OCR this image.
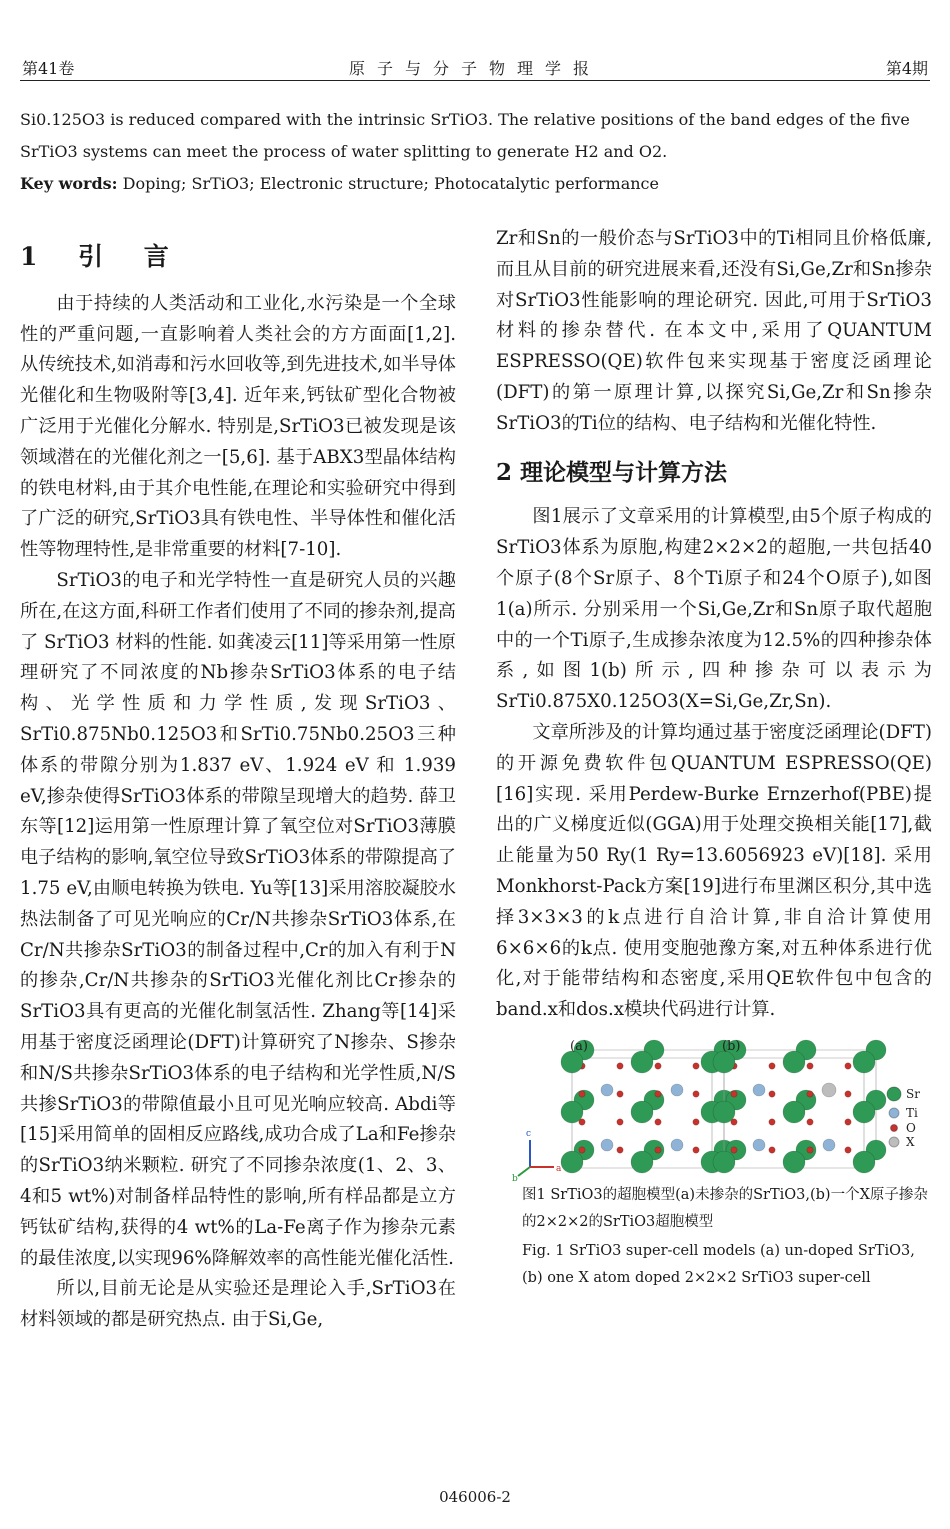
第41卷	原子与分子物理学报	第4期
Si0.125O3 is reduced compared with the intrinsic SrTiO3. The relative positions of the band edges of the five SrTiO3 systems can meet the process of water splitting to generate H2 and O2.
Key words: Doping; SrTiO3; Electronic structure; Photocatalytic performance
1 引 言

由于持续的人类活动和工业化,水污染是一个全球性的严重问题,一直影响着人类社会的方方面面[1,2]. 从传统技术,如消毒和污水回收等,到先进技术,如半导体光催化和生物吸附等[3,4]. 近年来,钙钛矿型化合物被广泛用于光催化分解水. 特别是,SrTiO3已被发现是该领域潜在的光催化剂之一[5,6]. 基于ABX3型晶体结构的铁电材料,由于其介电性能,在理论和实验研究中得到了广泛的研究,SrTiO3具有铁电性、半导体性和催化活性等物理特性,是非常重要的材料[7-10].

SrTiO3的电子和光学特性一直是研究人员的兴趣所在,在这方面,科研工作者们使用了不同的掺杂剂,提高了 SrTiO3 材料的性能. 如龚凌云[11]等采用第一性原理研究了不同浓度的Nb掺杂SrTiO3体系的电子结构、光学性质和力学性质,发现SrTiO3、SrTi0.875Nb0.125O3和SrTi0.75Nb0.25O3三种体系的带隙分别为1.837 eV、1.924 eV 和 1.939 eV,掺杂使得SrTiO3体系的带隙呈现增大的趋势. 薛卫东等[12]运用第一性原理计算了氧空位对SrTiO3薄膜电子结构的影响,氧空位导致SrTiO3体系的带隙提高了1.75 eV,由顺电转换为铁电. Yu等[13]采用溶胶凝胶水热法制备了可见光响应的Cr/N共掺杂SrTiO3体系,在Cr/N共掺杂SrTiO3的制备过程中,Cr的加入有利于N的掺杂,Cr/N共掺杂的SrTiO3光催化剂比Cr掺杂的SrTiO3具有更高的光催化制氢活性. Zhang等[14]采用基于密度泛函理论(DFT)计算研究了N掺杂、S掺杂和N/S共掺杂SrTiO3体系的电子结构和光学性质,N/S共掺SrTiO3的带隙值最小且可见光响应较高. Abdi等[15]采用简单的固相反应路线,成功合成了La和Fe掺杂的SrTiO3纳米颗粒. 研究了不同掺杂浓度(1、2、3、4和5 wt%)对制备样品特性的影响,所有样品都是立方钙钛矿结构,获得的4 wt%的La-Fe离子作为掺杂元素的最佳浓度,以实现96%降解效率的高性能光催化活性.

所以,目前无论是从实验还是理论入手,SrTiO3在材料领域的都是研究热点. 由于Si,Ge,

Zr和Sn的一般价态与SrTiO3中的Ti相同且价格低廉,而且从目前的研究进展来看,还没有Si,Ge,Zr和Sn掺杂对SrTiO3性能影响的理论研究. 因此,可用于SrTiO3材料的掺杂替代. 在本文中,采用了QUANTUM ESPRESSO(QE)软件包来实现基于密度泛函理论(DFT)的第一原理计算,以探究Si,Ge,Zr和Sn掺杂SrTiO3的Ti位的结构、电子结构和光催化特性.

2 理论模型与计算方法

图1展示了文章采用的计算模型,由5个原子构成的SrTiO3体系为原胞,构建2×2×2的超胞,一共包括40个原子(8个Sr原子、8个Ti原子和24个O原子),如图1(a)所示. 分别采用一个Si,Ge,Zr和Sn原子取代超胞中的一个Ti原子,生成掺杂浓度为12.5%的四种掺杂体系,如图1(b)所示,四种掺杂可以表示为SrTi0.875X0.125O3(X=Si,Ge,Zr,Sn).

文章所涉及的计算均通过基于密度泛函理论(DFT)的开源免费软件包QUANTUM ESPRESSO(QE)[16]实现. 采用Perdew-Burke Ernzerhof(PBE)提出的广义梯度近似(GGA)用于处理交换相关能[17],截止能量为50 Ry(1 Ry=13.6056923 eV)[18]. 采用Monkhorst-Pack方案[19]进行布里渊区积分,其中选择3×3×3的k点进行自洽计算,非自洽计算使用6×6×6的k点. 使用变胞弛豫方案,对五种体系进行优化,对于能带结构和态密度,采用QE软件包中包含的band.x和dos.x模块代码进行计算.

(a)	(b)
c
a
b
Sr
Ti
O
X
图1 SrTiO3的超胞模型(a)未掺杂的SrTiO3,(b)一个X原子掺杂的2×2×2的SrTiO3超胞模型
Fig. 1 SrTiO3 super-cell models (a) un-doped SrTiO3, (b) one X atom doped 2×2×2 SrTiO3 super-cell
046006-2
